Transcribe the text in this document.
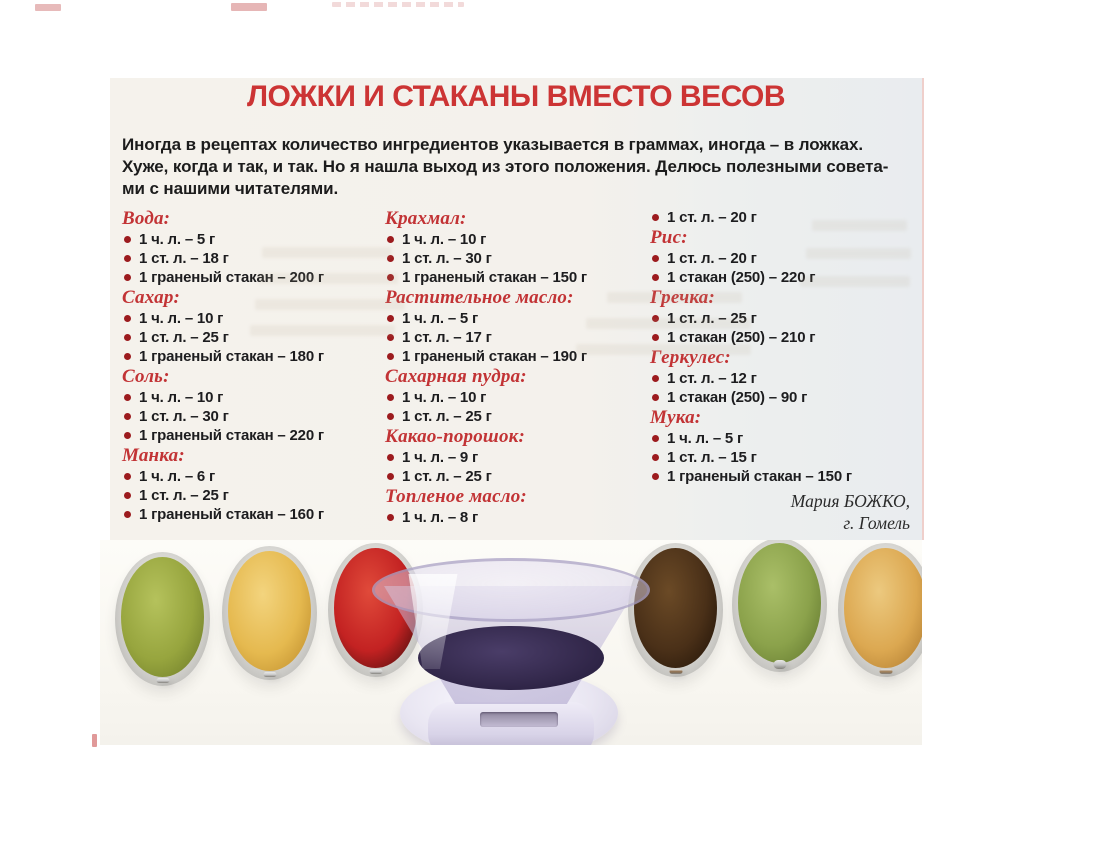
ЛОЖКИ И СТАКАНЫ ВМЕСТО ВЕСОВ
Иногда в рецептах количество ингредиентов указывается в граммах, иногда – в ложках.
Хуже, когда и так, и так. Но я нашла выход из этого положения. Делюсь полезными совета-
ми с нашими читателями.
Вода:
1 ч. л. – 5 г
1 ст. л. – 18 г
1 граненый стакан – 200 г
Сахар:
1 ч. л. – 10 г
1 ст. л. – 25 г
1 граненый стакан – 180 г
Соль:
1 ч. л. – 10 г
1 ст. л. – 30 г
1 граненый стакан – 220 г
Манка:
1 ч. л. – 6 г
1 ст. л. – 25 г
1 граненый стакан – 160 г
Крахмал:
1 ч. л. – 10 г
1 ст. л. – 30 г
1 граненый стакан – 150 г
Растительное масло:
1 ч. л. – 5 г
1 ст. л. – 17 г
1 граненый стакан – 190 г
Сахарная пудра:
1 ч. л. – 10 г
1 ст. л. – 25 г
Какао-порошок:
1 ч. л. – 9 г
1 ст. л. – 25 г
Топленое масло:
1 ч. л. – 8 г
1 ст. л. – 20 г
Рис:
1 ст. л. – 20 г
1 стакан (250) – 220 г
Гречка:
1 ст. л. – 25 г
1 стакан (250) – 210 г
Геркулес:
1 ст. л. – 12 г
1 стакан (250) – 90 г
Мука:
1 ч. л. – 5 г
1 ст. л. – 15 г
1 граненый стакан – 150 г
Мария БОЖКО,
г. Гомель
